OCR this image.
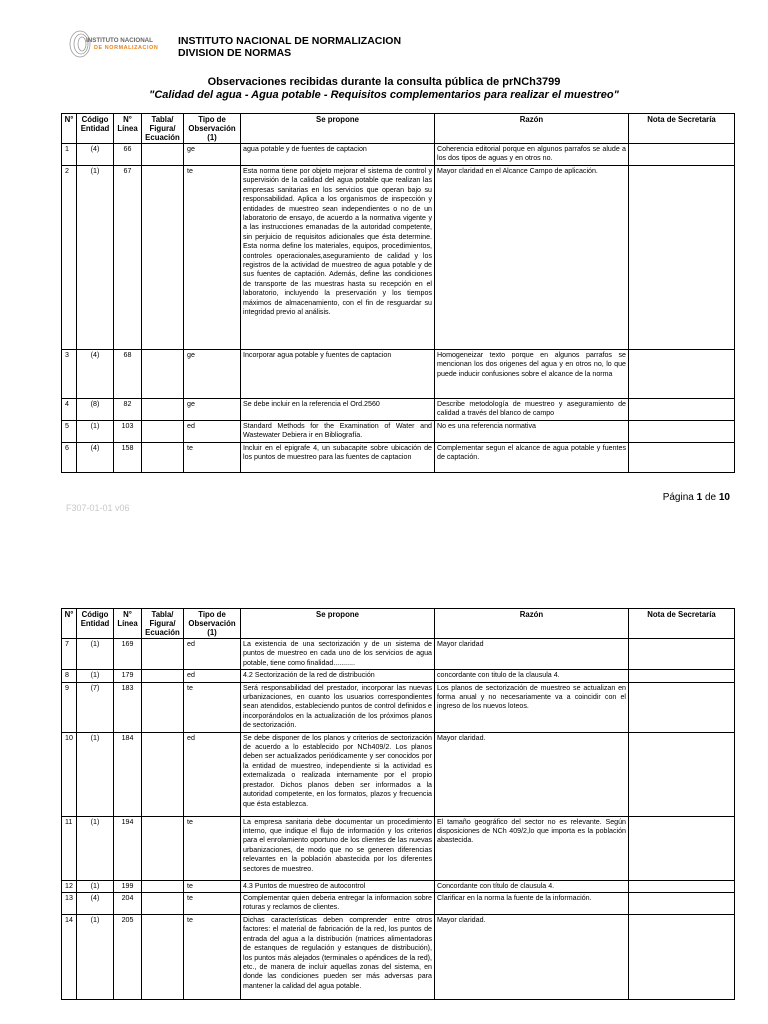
INSTITUTO NACIONAL
DE NORMALIZACION
INSTITUTO NACIONAL DE NORMALIZACION
DIVISION DE NORMAS
Observaciones recibidas durante la consulta pública de prNCh3799
"Calidad del agua - Agua potable - Requisitos complementarios para realizar el muestreo"
N°	Código Entidad	N° Línea	Tabla/ Figura/ Ecuación	Tipo de Observación (1)	Se propone	Razón	Nota de Secretaría
1	(4)	66		ge	agua potable y de fuentes de captacion	Coherencia editorial porque en algunos parrafos se alude a los dos tipos de aguas y en otros no.	
2	(1)	67		te	Esta norma tiene por objeto mejorar el sistema de control y supervisión de la calidad del agua potable que realizan las empresas sanitarias en los servicios que operan bajo su responsabilidad. Aplica a los organismos de inspección y entidades de muestreo sean independientes o no de un laboratorio de ensayo, de acuerdo a la normativa vigente y a las instrucciones emanadas de la autoridad competente, sin perjuicio de requisitos adicionales que ésta determine. Esta norma define los materiales, equipos, procedimientos, controles operacionales,aseguramiento de calidad y los registros de la actividad de muestreo de agua potable y de sus fuentes de captación. Además, define las condiciones de transporte de las muestras hasta su recepción en el laboratorio, incluyendo la preservación y los tiempos máximos de almacenamiento, con el fin de resguardar su integridad previo al análisis.	Mayor claridad en el Alcance Campo de aplicación.	
3	(4)	68		ge	Incorporar agua potable y fuentes de captacion	Homogeneizar texto porque en algunos parrafos se mencionan los dos origenes del agua y en otros no, lo que puede inducir confusiones sobre el alcance de la norma	
4	(8)	82		ge	Se debe incluir en la referencia el Ord.2560	Describe metodología de muestreo y aseguramiento de calidad a través del blanco de campo	
5	(1)	103		ed	Standard Methods for the Examination of Water and Wastewater Debiera ir en Bibliografía.	No es una referencia normativa	
6	(4)	158		te	Incluir en el epigrafe 4, un subacapite sobre ubicación de los puntos de muestreo para las fuentes de captacion	Complementar segun el alcance de agua potable y fuentes de captación.	
F307-01-01 v06
Página 1 de 10
N°	Código Entidad	N° Línea	Tabla/ Figura/ Ecuación	Tipo de Observación (1)	Se propone	Razón	Nota de Secretaría
7	(1)	169		ed	La existencia de una sectorización y de un sistema de puntos de muestreo en cada uno de los servicios de agua potable, tiene como finalidad...........	Mayor claridad	
8	(1)	179		ed	4.2 Sectorización de la red de distribución	concordante con titulo de la clausula 4.	
9	(7)	183		te	Será responsabilidad del prestador, incorporar las nuevas urbanizaciones, en cuanto los usuarios correspondientes sean atendidos, estableciendo puntos de control definidos e incorporándolos en la actualización de los próximos planos de sectorización.	Los planos de sectorización de muestreo se actualizan en forma anual y no necesariamente va a coincidir con el ingreso de los nuevos loteos.	
10	(1)	184		ed	Se debe disponer de los planos y criterios de sectorización de acuerdo a lo establecido por NCh409/2. Los planos deben ser actualizados periódicamente y ser conocidos por la entidad de muestreo, independiente si la actividad es externalizada o realizada internamente por el propio prestador. Dichos planos deben ser informados a la autoridad competente, en los formatos, plazos y frecuencia que ésta establezca.	Mayor claridad.	
11	(1)	194		te	La empresa sanitaria debe documentar un procedimiento interno, que indique el flujo de información y los criterios para el enrolamiento oportuno de los clientes de las nuevas urbanizaciones, de modo que no se generen diferencias relevantes en la población abastecida por los diferentes sectores de muestreo.	El tamaño geográfico del sector no es relevante. Según disposiciones de NCh 409/2,lo que importa es la población abastecida.	
12	(1)	199		te	4.3 Puntos de muestreo de autocontrol	Concordante con título de clausula 4.	
13	(4)	204		te	Complementar quien deberia entregar la informacion sobre roturas y reclamos de clientes.	Clarificar en la norma la fuente de la información.	
14	(1)	205		te	Dichas características deben comprender entre otros factores: el material de fabricación de la red, los puntos de entrada del agua a la distribución (matrices alimentadoras de estanques de regulación y estanques de distribución), los puntos más alejados (terminales o apéndices de la red), etc., de manera de incluir aquellas zonas del sistema, en donde las condiciones pueden ser más adversas para mantener la calidad del agua potable.	Mayor claridad.	
